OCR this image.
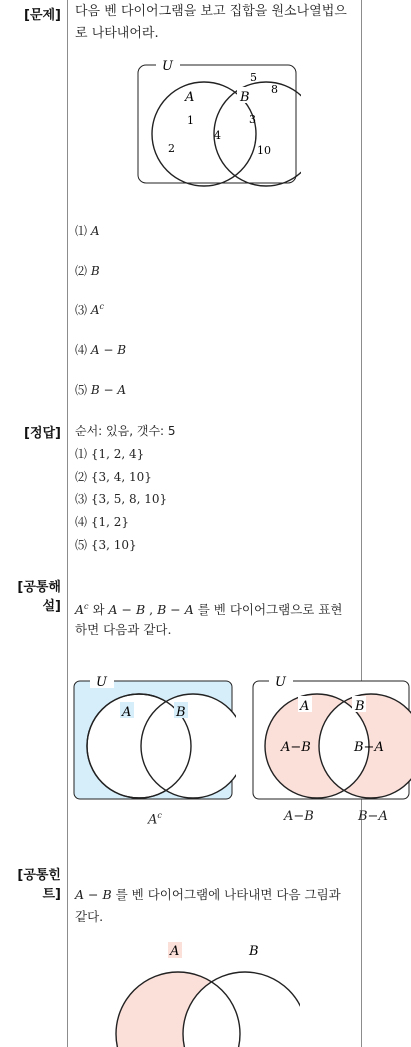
[문제] 다음 벤 다이어그램을 보고 집합을 원소나열법으
로 나타내어라.
U
A	B
1
2
4
3
10
5
8
⑴ A
⑵ B
⑶ $A^c$
⑷ A − B
⑸ B − A
[정답] 순서: 있음, 갯수: 5
⑴ {1, 2, 4}
⑵ {3, 4, 10}
⑶ {3, 5, 8, 10}
⑷ {1, 2}
⑸ {3, 10}
[공통해설] $A^c$ 와 A − B , B − A 를 벤 다이어그램으로 표현
하면 다음과 같다.
U
A	B
$A^c$
U
A	B
A−B	B−A
A−B	B−A
[공통힌트] A − B 를 벤 다이어그램에 나타내면 다음 그림과
같다.
A	B
